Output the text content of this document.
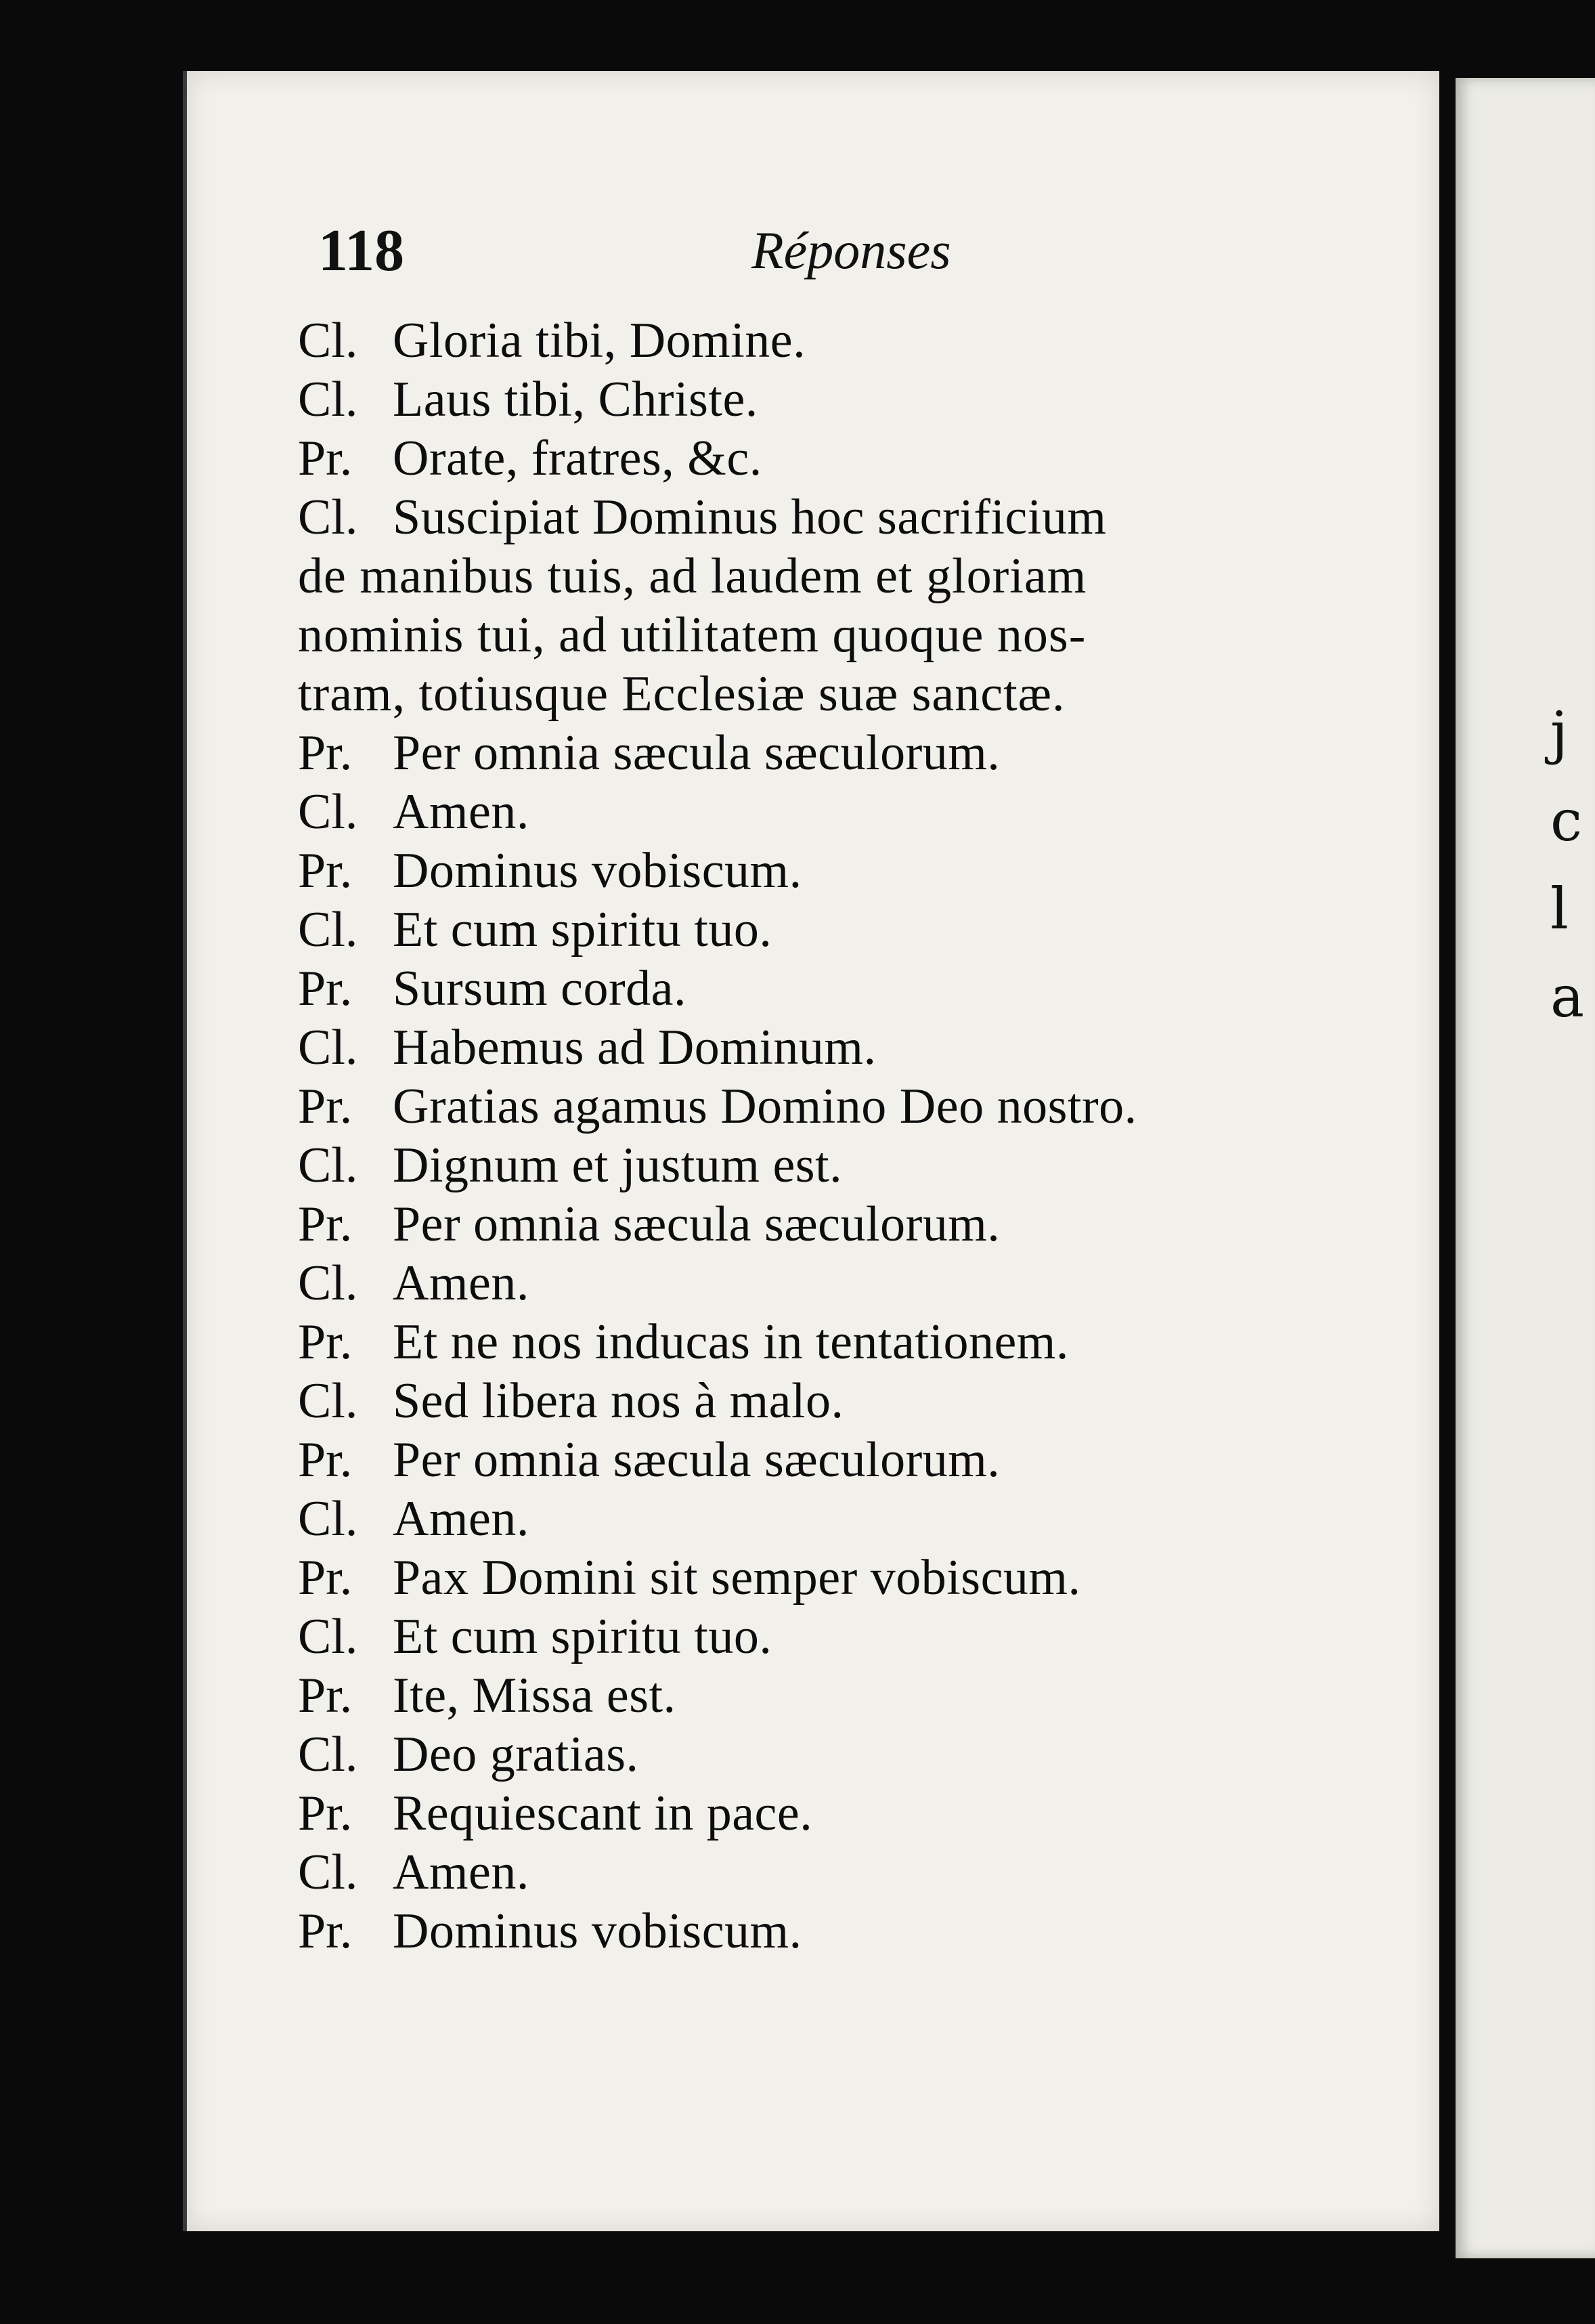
j
c
l
a
118	Réponses
Cl. Gloria tibi, Domine.
Cl. Laus tibi, Christe.
Pr. Orate, fratres, &c.
Cl. Suscipiat Dominus hoc sacrificium
de manibus tuis, ad laudem et gloriam
nominis tui, ad utilitatem quoque nos-
tram, totiusque Ecclesiæ suæ sanctæ.
Pr. Per omnia sæcula sæculorum.
Cl. Amen.
Pr. Dominus vobiscum.
Cl. Et cum spiritu tuo.
Pr. Sursum corda.
Cl. Habemus ad Dominum.
Pr. Gratias agamus Domino Deo nostro.
Cl. Dignum et justum est.
Pr. Per omnia sæcula sæculorum.
Cl. Amen.
Pr. Et ne nos inducas in tentationem.
Cl. Sed libera nos à malo.
Pr. Per omnia sæcula sæculorum.
Cl. Amen.
Pr. Pax Domini sit semper vobiscum.
Cl. Et cum spiritu tuo.
Pr. Ite, Missa est.
Cl. Deo gratias.
Pr. Requiescant in pace.
Cl. Amen.
Pr. Dominus vobiscum.
